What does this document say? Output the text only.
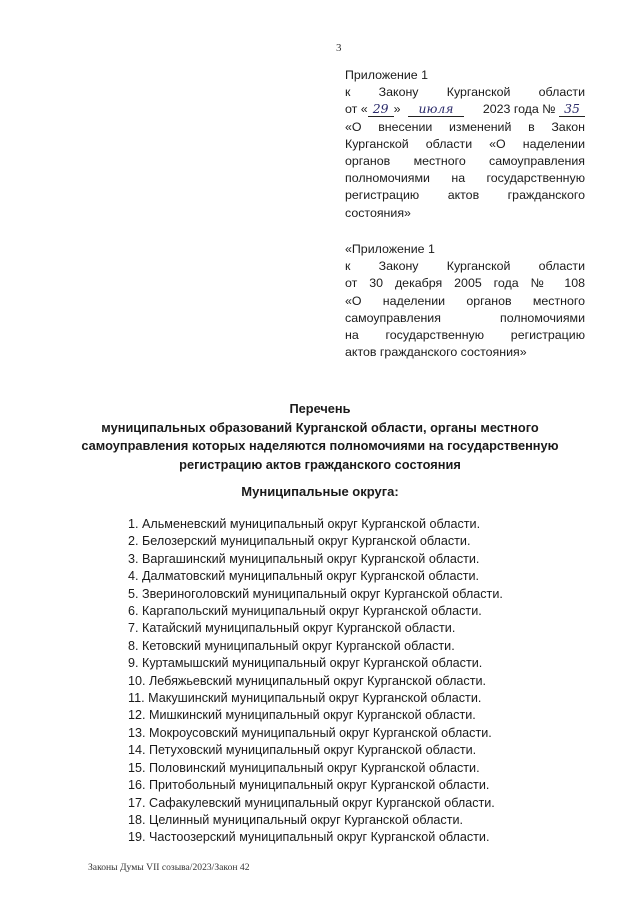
3
Приложение 1
к Закону Курганской области
от « 29 » июля	2023 года № 35
«О внесении изменений в Закон
Курганской области «О наделении
органов местного самоуправления
полномочиями на государственную
регистрацию актов гражданского
состояния»
«Приложение 1
к Закону Курганской области
от 30 декабря 2005 года № 108
«О наделении органов местного
самоуправления полномочиями
на государственную регистрацию
актов гражданского состояния»
Перечень
муниципальных образований Курганской области, органы местного
самоуправления которых наделяются полномочиями на государственную
регистрацию актов гражданского состояния
Муниципальные округа:
1. Альменевский муниципальный округ Курганской области.
2. Белозерский муниципальный округ Курганской области.
3. Варгашинский муниципальный округ Курганской области.
4. Далматовский муниципальный округ Курганской области.
5. Звериноголовский муниципальный округ Курганской области.
6. Каргапольский муниципальный округ Курганской области.
7. Катайский муниципальный округ Курганской области.
8. Кетовский муниципальный округ Курганской области.
9. Куртамышский муниципальный округ Курганской области.
10. Лебяжьевский муниципальный округ Курганской области.
11. Макушинский муниципальный округ Курганской области.
12. Мишкинский муниципальный округ Курганской области.
13. Мокроусовский муниципальный округ Курганской области.
14. Петуховский муниципальный округ Курганской области.
15. Половинский муниципальный округ Курганской области.
16. Притобольный муниципальный округ Курганской области.
17. Сафакулевский муниципальный округ Курганской области.
18. Целинный муниципальный округ Курганской области.
19. Частоозерский муниципальный округ Курганской области.
Законы Думы VII созыва/2023/Закон 42
